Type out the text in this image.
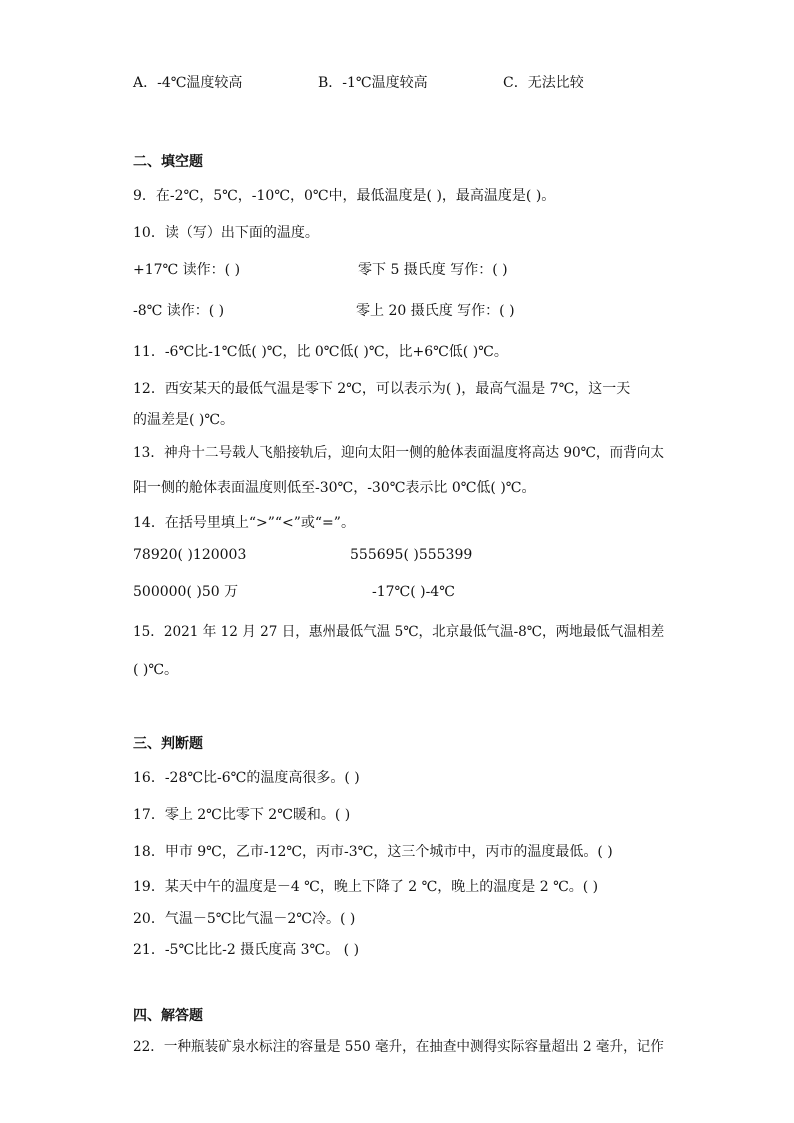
A．-4℃温度较高	B．-1℃温度较高	C．无法比较
二、填空题
9．在-2℃，5℃，-10℃，0℃中，最低温度是( )，最高温度是( )。
10．读（写）出下面的温度。
+17℃ 读作：( )	零下 5 摄氏度 写作：( )
-8℃ 读作：( )	零上 20 摄氏度 写作：( )
11．-6℃比-1℃低( )℃，比 0℃低( )℃，比+6℃低( )℃。
12．西安某天的最低气温是零下 2℃，可以表示为( )，最高气温是 7℃，这一天
的温差是( )℃。
13．神舟十二号载人飞船接轨后，迎向太阳一侧的舱体表面温度将高达 90℃，而背向太
阳一侧的舱体表面温度则低至-30℃，-30℃表示比 0℃低( )℃。
14．在括号里填上“>”“<”或“=”。
78920( )120003	555695( )555399
500000( )50 万	-17℃( )-4℃
15．2021 年 12 月 27 日，惠州最低气温 5℃，北京最低气温-8℃，两地最低气温相差
( )℃。
三、判断题
16．-28℃比-6℃的温度高很多。( )
17．零上 2℃比零下 2℃暖和。( )
18．甲市 9℃，乙市-12℃，丙市-3℃，这三个城市中，丙市的温度最低。( )
19．某天中午的温度是－4 ℃，晚上下降了 2 ℃，晚上的温度是 2 ℃。( )
20．气温－5℃比气温－2℃冷。( )
21．-5℃比比-2 摄氏度高 3℃。 ( )
四、解答题
22．一种瓶装矿泉水标注的容量是 550 毫升，在抽查中测得实际容量超出 2 毫升，记作
